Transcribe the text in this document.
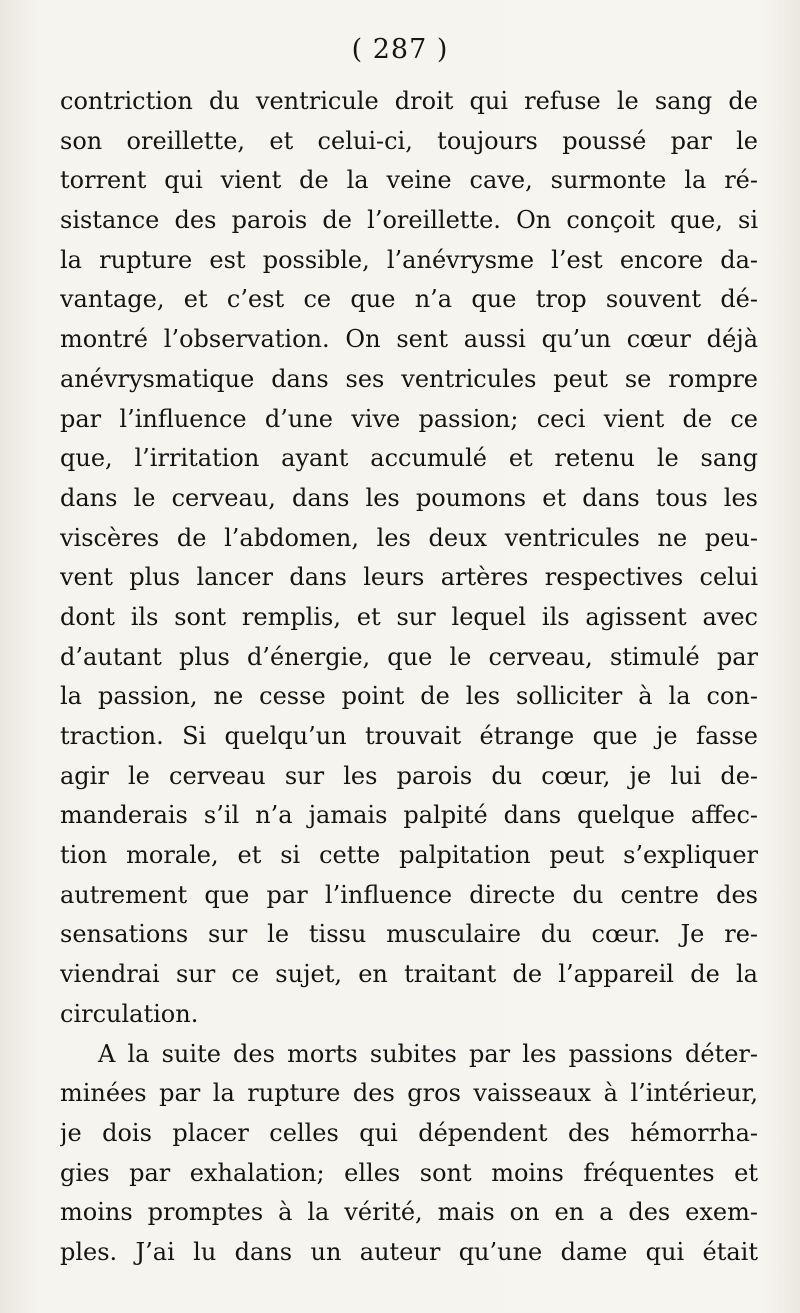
( 287 )
contriction du ventricule droit qui refuse le sang de
son oreillette, et celui-ci, toujours poussé par le
torrent qui vient de la veine cave, surmonte la ré-
sistance des parois de l’oreillette. On conçoit que, si
la rupture est possible, l’anévrysme l’est encore da-
vantage, et c’est ce que n’a que trop souvent dé-
montré l’observation. On sent aussi qu’un cœur déjà
anévrysmatique dans ses ventricules peut se rompre
par l’influence d’une vive passion; ceci vient de ce
que, l’irritation ayant accumulé et retenu le sang
dans le cerveau, dans les poumons et dans tous les
viscères de l’abdomen, les deux ventricules ne peu-
vent plus lancer dans leurs artères respectives celui
dont ils sont remplis, et sur lequel ils agissent avec
d’autant plus d’énergie, que le cerveau, stimulé par
la passion, ne cesse point de les solliciter à la con-
traction. Si quelqu’un trouvait étrange que je fasse
agir le cerveau sur les parois du cœur, je lui de-
manderais s’il n’a jamais palpité dans quelque affec-
tion morale, et si cette palpitation peut s’expliquer
autrement que par l’influence directe du centre des
sensations sur le tissu musculaire du cœur. Je re-
viendrai sur ce sujet, en traitant de l’appareil de la
circulation.
A la suite des morts subites par les passions déter-
minées par la rupture des gros vaisseaux à l’intérieur,
je dois placer celles qui dépendent des hémorrha-
gies par exhalation; elles sont moins fréquentes et
moins promptes à la vérité, mais on en a des exem-
ples. J’ai lu dans un auteur qu’une dame qui était
